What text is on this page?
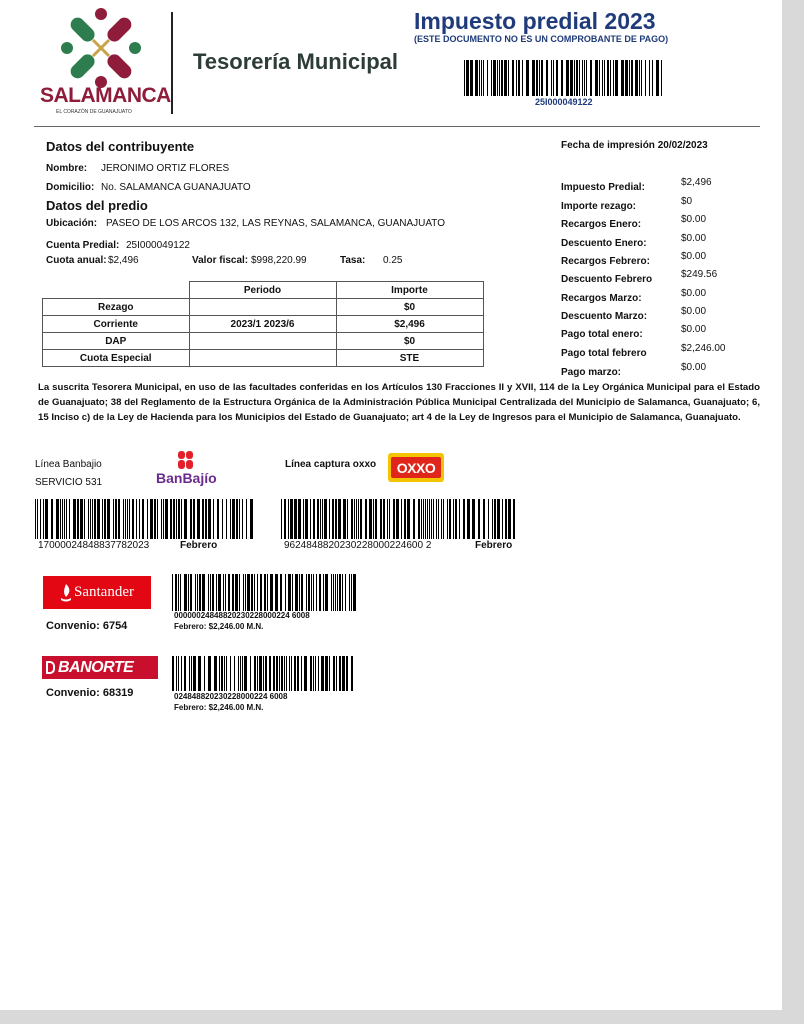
SALAMANCA
EL CORAZÓN DE GUANAJUATO
Tesorería Municipal
Impuesto predial 2023
(ESTE DOCUMENTO NO ES UN COMPROBANTE DE PAGO)
25I000049122
Datos del contribuyente
Nombre: JERONIMO ORTIZ FLORES
Domicilio: No. SALAMANCA GUANAJUATO
Datos del predio
Ubicación: PASEO DE LOS ARCOS 132, LAS REYNAS, SALAMANCA, GUANAJUATO
Cuenta Predial: 25I000049122
Cuota anual: $2,496	Valor fiscal: $998,220.99	Tasa: 0.25
	Periodo	Importe
Rezago		$0
Corriente	2023/1 2023/6	$2,496
DAP		$0
Cuota Especial		STE
Fecha de impresión 20/02/2023
Impuesto Predial:	$2,496
Importe rezago:	$0
Recargos Enero:	$0.00
Descuento Enero:	$0.00
Recargos Febrero:	$0.00
Descuento Febrero	$249.56
Recargos Marzo:	$0.00
Descuento Marzo:	$0.00
Pago total enero:	$0.00
Pago total febrero	$2,246.00
Pago marzo:	$0.00
La suscrita Tesorera Municipal, en uso de las facultades conferidas en los Artículos 130 Fracciones II y XVII, 114 de la Ley Orgánica Municipal para el Estado de Guanajuato; 38 del Reglamento de la Estructura Orgánica de la Administración Pública Municipal Centralizada del Municipio de Salamanca, Guanajuato; 6, 15 Inciso c) de la Ley de Hacienda para los Municipios del Estado de Guanajuato; art 4 de la Ley de Ingresos para el Municipio de Salamanca, Guanajuato.
Línea Banbajio
SERVICIO 531	BanBajío
17000024848837782023	Febrero
Línea captura oxxo	OXXO
9624848820230228000224600 2	Febrero
Santander
Convenio: 6754
00000024848820230228000224 6008
Febrero: $2,246.00 M.N.
BANORTE
Convenio: 68319	024848820230228000224 6008
Febrero: $2,246.00 M.N.
